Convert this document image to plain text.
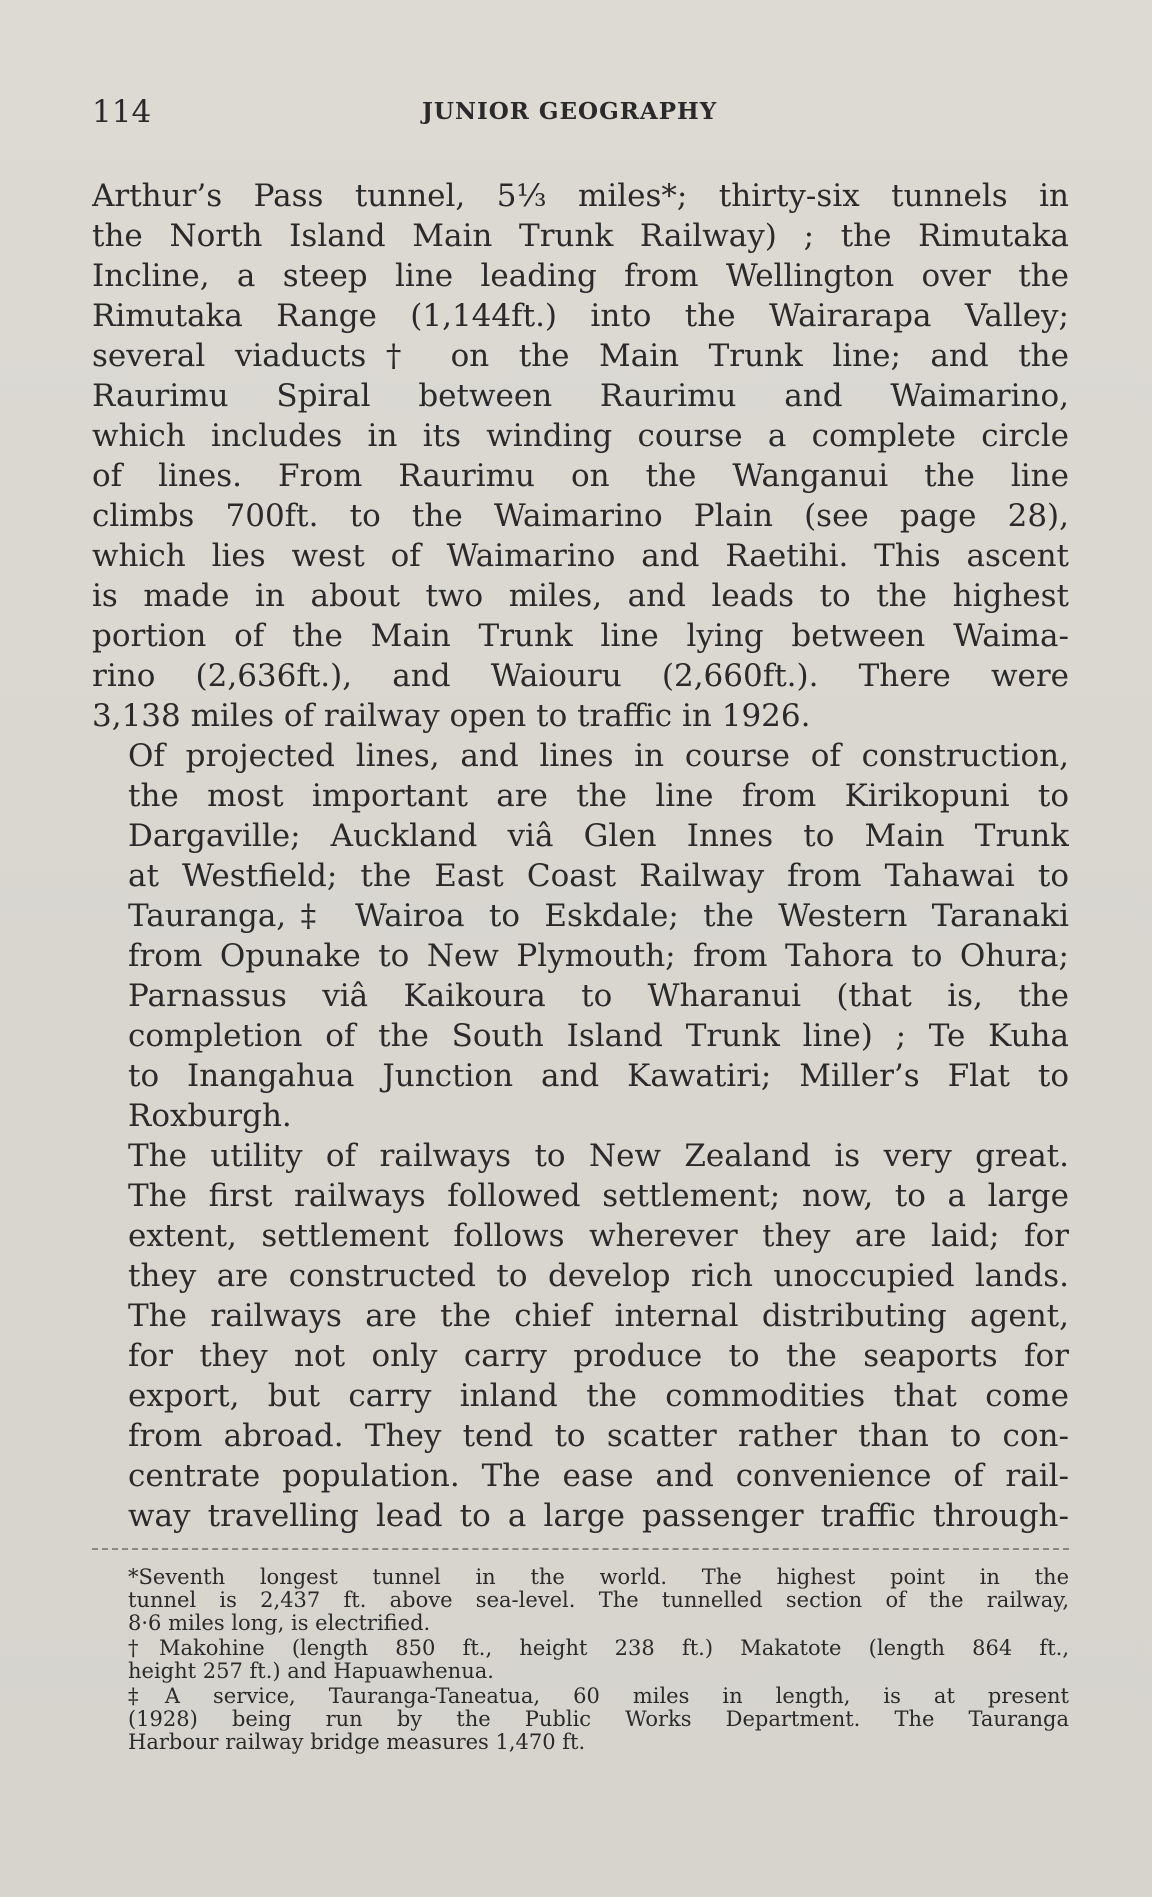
114	JUNIOR GEOGRAPHY

Arthur’s Pass tunnel, 5⅓ miles*; thirty-six tunnels in
the North Island Main Trunk Railway) ; the Rimutaka
Incline, a steep line leading from Wellington over the
Rimutaka Range (1,144ft.) into the Wairarapa Valley;
several viaducts† on the Main Trunk line; and the
Raurimu Spiral between Raurimu and Waimarino,
which includes in its winding course a complete circle
of lines. From Raurimu on the Wanganui the line
climbs 700ft. to the Waimarino Plain (see page 28),
which lies west of Waimarino and Raetihi. This ascent
is made in about two miles, and leads to the highest
portion of the Main Trunk line lying between Waima-
rino (2,636ft.), and Waiouru (2,660ft.). There were
3,138 miles of railway open to traffic in 1926.

Of projected lines, and lines in course of construction,
the most important are the line from Kirikopuni to
Dargaville; Auckland viâ Glen Innes to Main Trunk
at Westfield; the East Coast Railway from Tahawai to
Tauranga,‡ Wairoa to Eskdale; the Western Taranaki
from Opunake to New Plymouth; from Tahora to Ohura;
Parnassus viâ Kaikoura to Wharanui (that is, the
completion of the South Island Trunk line) ; Te Kuha
to Inangahua Junction and Kawatiri; Miller’s Flat to
Roxburgh.

The utility of railways to New Zealand is very great.
The first railways followed settlement; now, to a large
extent, settlement follows wherever they are laid; for
they are constructed to develop rich unoccupied lands.
The railways are the chief internal distributing agent,
for they not only carry produce to the seaports for
export, but carry inland the commodities that come
from abroad. They tend to scatter rather than to con-
centrate population. The ease and convenience of rail-
way travelling lead to a large passenger traffic through-

*Seventh longest tunnel in the world. The highest point in the
tunnel is 2,437 ft. above sea-level. The tunnelled section of the railway,
8·6 miles long, is electrified.

†Makohine (length 850 ft., height 238 ft.) Makatote (length 864 ft.,
height 257 ft.) and Hapuawhenua.

‡A service, Tauranga-Taneatua, 60 miles in length, is at present
(1928) being run by the Public Works Department. The Tauranga
Harbour railway bridge measures 1,470 ft.
